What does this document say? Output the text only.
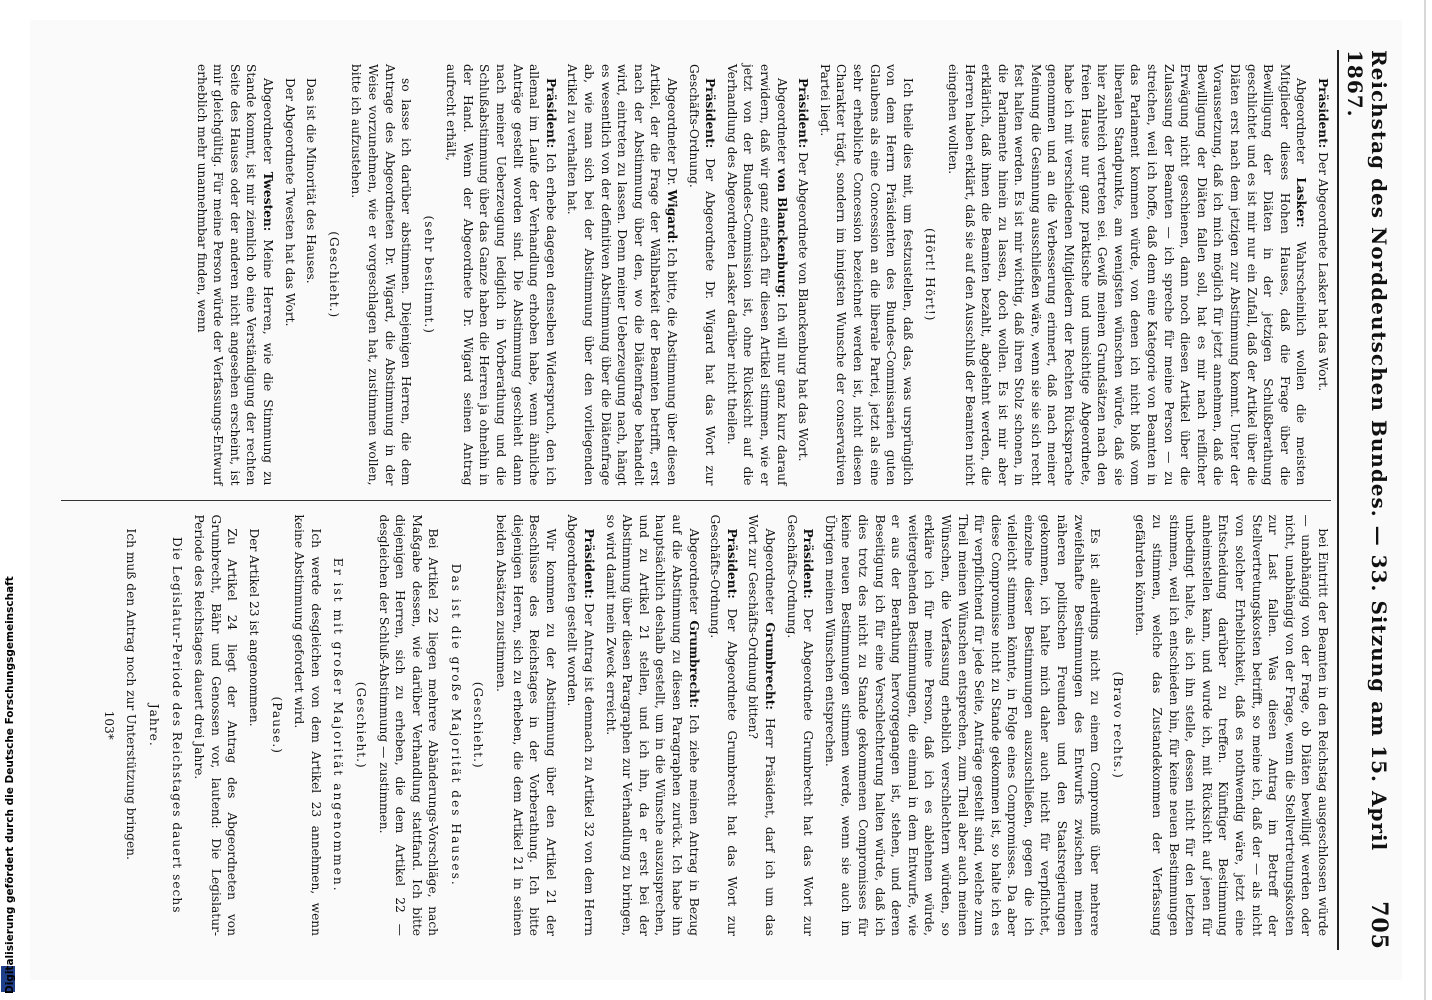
Reichstag des Norddeutschen Bundes. — 33. Sitzung am 15. April 1867.
705

Präsident: Der Abgeordnete Lasker hat das Wort.

Abgeordneter Lasker: Wahrscheinlich wollen die meisten Mitglieder dieses Hohen Hauses, daß die Frage über die Bewilligung der Diäten in der jetzigen Schlußberathung geschlichtet und es ist mir nur ein Zufall, daß der Artikel über die Diäten erst nach dem jetzigen zur Abstimmung kommt. Unter der Voraussetzung, daß ich mich möglich für jetzt annehmen, daß die Bewilligung der Diäten fallen soll, hat es mir nach reiflicher Erwägung nicht geschienen, dann noch diesen Artikel über die Zulassung der Beamten — ich spreche für meine Person — zu streichen, weil ich hoffe, daß denn eine Kategorie von Beamten in das Parlament kommen würde, von denen ich nicht bloß vom liberalen Standpunkte, am wenigsten wünschen würde, daß sie hier zahlreich vertreten sei. Gewiß meinen Grundsätzen nach den freien Hause nur ganz praktische und umsichtige Abgeordnete, habe ich mit verschiedenen Mitgliedern der Rechten Rücksprache genommen und an die Verbesserung erinnert, daß nach meiner Meinung die Gesinnung ausschließen wäre, wenn sie sie sich recht fest halten werden. Es ist mir wichtig, daß ihren Stolz schonen, in die Parlamente hinein zu lassen, doch wollen. Es ist mir aber erklärlich, daß ihnen die Beamten bezahlt, abgelehnt werden, die Herren haben erklärt, daß sie auf den Ausschluß der Beamten nicht eingehen wollten.

(Hört! Hört!)

Ich theile dies mit, um festzustellen, daß das, was ursprünglich von dem Herrn Präsidenten des Bundes-Commissarien guten Glaubens als eine Concession an die liberale Partei, jetzt als eine sehr erhebliche Concession bezeichnet werden ist, nicht diesen Charakter trägt, sondern im innigsten Wunsche der conservativen Partei liegt.

Präsident: Der Abgeordnete von Blanckenburg hat das Wort.

Abgeordneter von Blanckenburg: Ich will nur ganz kurz darauf erwidern, daß wir ganz einfach für diesen Artikel stimmen, wie er jetzt von der Bundes-Commission ist, ohne Rücksicht auf die Verhandlung des Abgeordneten Lasker darüber nicht theilen.

Präsident: Der Abgeordnete Dr. Wigard hat das Wort zur Geschäfts-Ordnung.

Abgeordneter Dr. Wigard: Ich bitte, die Abstimmung über diesen Artikel, der die Frage der Wählbarkeit der Beamten betrifft, erst nach der Abstimmung über den, wo die Diätenfrage behandelt wird, eintreten zu lassen. Denn meiner Ueberzeugung nach, hängt es wesentlich von der definitiven Abstimmung über die Diätenfrage ab, wie man sich bei der Abstimmung über den vorliegenden Artikel zu verhalten hat.

Präsident: Ich erhebe dagegen denselben Widerspruch, den ich allemal im Laufe der Verhandlung erhoben habe, wenn ähnliche Anträge gestellt worden sind. Die Abstimmung geschieht dann nach meiner Ueberzeugung lediglich in Vorberathung und die Schlußabstimmung über das Ganze haben die Herren ja ohnehin in der Hand. Wenn der Abgeordnete Dr. Wigard seinen Antrag aufrecht erhält,

(sehr bestimmt.)

so lasse ich darüber abstimmen. Diejenigen Herren, die dem Antrage des Abgeordneten Dr. Wigard, die Abstimmung in der Weise vorzunehmen, wie er vorgeschlagen hat, zustimmen wollen, bitte ich aufzustehen.

(Geschieht.)

Das ist die Minorität des Hauses.

Der Abgeordnete Twesten hat das Wort.

Abgeordneter Twesten: Meine Herren, wie die Stimmung zu Stande kommt, ist mir ziemlich ob eine Verständigung der rechten Seite des Hauses oder der anderen nicht angesehen erscheint, ist mir gleichgültig. Für meine Person würde der Verfassungs-Entwurf erheblich mehr unannehmbar finden, wenn

bei Eintritt der Beamten in den Reichstag ausgeschlossen würde — unabhängig von der Frage, ob Diäten bewilligt werden oder nicht, unabhängig von der Frage, wenn die Stellvertretungskosten zur Last fallen. Was diesen Antrag im Betreff der Stellvertretungskosten betrifft, so meine ich, daß der — als nicht von solcher Erheblichkeit, daß es nothwendig wäre, jetzt eine Entscheidung darüber zu treffen. Künftiger Bestimmung anheimstellen kann, und wurde ich, mit Rücksicht auf jenen für unbedingt halte, als ich ihn stelle, dessen nicht für den letzten stimmen, weil ich entschieden bin, für keine neuen Bestimmungen zu stimmen, welche das Zustandekommen der Verfassung gefährden könnten.

(Bravo rechts.)

Es ist allerdings nicht zu einem Compromiß über mehrere zweifelhafte Bestimmungen des Entwurfs zwischen meinen näheren politischen Freunden und den Staatsregierungen gekommen, ich halte mich daher auch nicht für verpflichtet, einzelne dieser Bestimmungen auszuschließen, gegen die ich vielleicht stimmen könnte, in Folge eines Compromisses. Da aber diese Compromisse nicht zu Stande gekommen ist, so halte ich es für verpflichtend für jede Seite, Anträge gestellt sind, welche zum Theil meinen Wünschen entsprechen, zum Theil aber auch meinen Wünschen, die Verfassung erheblich verschlechtern würden, so erkläre ich für meine Person, daß ich es ablehnen würde, weitergehenden Bestimmungen, die einmal in dem Entwurfe, wie er aus der Berathung hervorgegangen ist, stehen, und deren Beseitigung ich für eine Verschlechterung halten würde, daß ich dies trotz des nicht zu Stande gekommenen Compromisses für keine neuen Bestimmungen stimmen werde, wenn sie auch im Übrigen meinen Wünschen entsprechen.

Präsident: Der Abgeordnete Grumbrecht hat das Wort zur Geschäfts-Ordnung.

Abgeordneter Grumbrecht: Herr Präsident, darf ich um das Wort zur Geschäfts-Ordnung bitten?

Präsident: Der Abgeordnete Grumbrecht hat das Wort zur Geschäfts-Ordnung.

Abgeordneter Grumbrecht: Ich ziehe meinen Antrag in Bezug auf die Abstimmung zu diesen Paragraphen zurück. Ich habe ihn hauptsächlich deshalb gestellt, um in die Wünsche auszusprechen, und zu Artikel 21 stellen, und ich ihn, da er erst bei der Abstimmung über diesen Paragraphen zur Verhandlung zu bringen, so wird damit mein Zweck erreicht.

Präsident: Der Antrag ist demnach zu Artikel 32 von dem Herrn Abgeordneten gestellt worden.

Wir kommen zu der Abstimmung über den Artikel 21 der Beschlüsse des Reichstages in der Vorberathung. Ich bitte diejenigen Herren, sich zu erheben, die dem Artikel 21 in seinen beiden Absätzen zustimmen.

(Geschieht.)

Das ist die große Majorität des Hauses.

Bei Artikel 22 liegen mehrere Abänderungs-Vorschläge, nach Maßgabe dessen, wie darüber Verhandlung stattfand. Ich bitte diejenigen Herren, sich zu erheben, die dem Artikel 22 — desgleichen der Schluß-Abstimmung — zustimmen.

(Geschieht.)

Er ist mit großer Majorität angenommen.

Ich werde desgleichen von dem Artikel 23 annehmen, wenn keine Abstimmung gefordert wird.

(Pause.)

Der Artikel 23 ist angenommen.

Zu Artikel 24 liegt der Antrag des Abgeordneten von Grumbrecht, Bähr und Genossen vor, lautend: Die Legislatur-Periode des Reichstages dauert drei Jahre.

Die Legislatur-Periode des Reichstages dauert sechs

Jahre.

Ich muß den Antrag noch zur Unterstützung bringen.

103*
Digitalisierung gefördert durch die Deutsche Forschungsgemeinschaft
